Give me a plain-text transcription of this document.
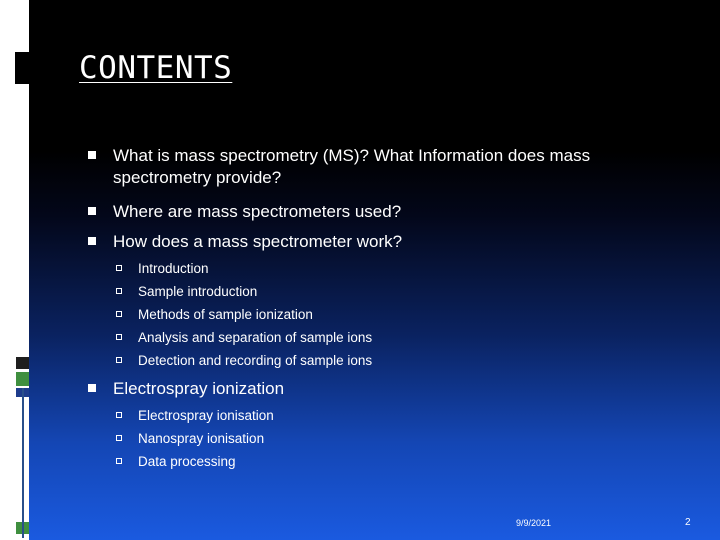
CONTENTS
What is mass spectrometry (MS)? What Information does mass spectrometry provide?
Where are mass spectrometers used?
How does a mass spectrometer work?
Introduction
Sample introduction
Methods of sample ionization
Analysis and separation of sample ions
Detection and recording of sample ions
Electrospray ionization
Electrospray ionisation
Nanospray ionisation
Data processing
9/9/2021	2
